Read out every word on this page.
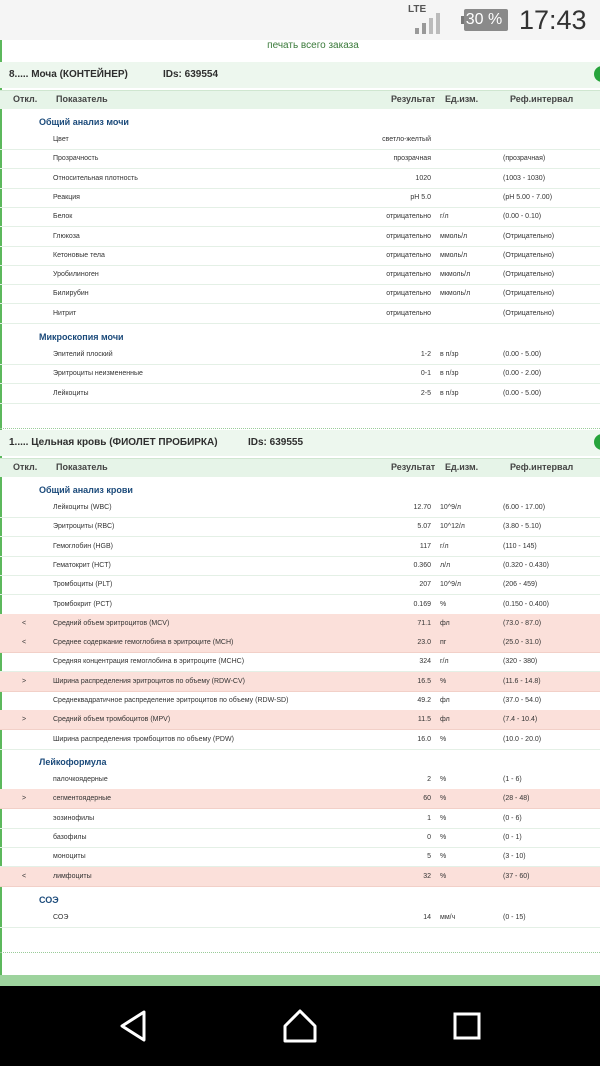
LTE
30 % 17:43
печать всего заказа
8..... Моча (КОНТЕЙНЕР)	IDs: 639554
Откл. Показатель	Результат Ед.изм.	Реф.интервал
Общий анализ мочи
Цвет	светло-желтый
Прозрачность	прозрачная	(прозрачная)
Относительная плотность	1020	(1003 - 1030)
Реакция	pH 5.0	(pH 5.00 - 7.00)
Белок	отрицательно г/л	(0.00 - 0.10)
Глюкоза	отрицательно ммоль/л	(Отрицательно)
Кетоновые тела	отрицательно ммоль/л	(Отрицательно)
Уробилиноген	отрицательно мкмоль/л	(Отрицательно)
Билирубин	отрицательно мкмоль/л	(Отрицательно)
Нитрит	отрицательно	(Отрицательно)
Микроскопия мочи
Эпителий плоский	1-2 в п/зр	(0.00 - 5.00)
Эритроциты неизмененные	0-1 в п/зр	(0.00 - 2.00)
Лейкоциты	2-5 в п/зр	(0.00 - 5.00)
1..... Цельная кровь (ФИОЛЕТ ПРОБИРКА)	IDs: 639555
Откл. Показатель	Результат Ед.изм.	Реф.интервал
Общий анализ крови
Лейкоциты (WBC)	12.70 10^9/л	(6.00 - 17.00)
Эритроциты (RBC)	5.07 10^12/л	(3.80 - 5.10)
Гемоглобин (HGB)	117 г/л	(110 - 145)
Гематокрит (HCT)	0.360 л/л	(0.320 - 0.430)
Тромбоциты (PLT)	207 10^9/л	(206 - 459)
Тромбокрит (PCT)	0.169 %	(0.150 - 0.400)
<	Средний объем эритроцитов (MCV)	71.1 фл	(73.0 - 87.0)
<	Среднее содержание гемоглобина в эритроците (MCH)	23.0 пг	(25.0 - 31.0)
Средняя концентрация гемоглобина в эритроците (MCHC)	324 г/л	(320 - 380)
>	Ширина распределения эритроцитов по объему (RDW-CV)	16.5 %	(11.6 - 14.8)
Среднеквадратичное распределение эритроцитов по объему (RDW-SD)	49.2 фл	(37.0 - 54.0)
>	Средний объем тромбоцитов (MPV)	11.5 фл	(7.4 - 10.4)
Ширина распределения тромбоцитов по объему (PDW)	16.0 %	(10.0 - 20.0)
Лейкоформула
палочкоядерные	2 %	(1 - 6)
>	сегментоядерные	60 %	(28 - 48)
эозинофилы	1 %	(0 - 6)
базофилы	0 %	(0 - 1)
моноциты	5 %	(3 - 10)
<	лимфоциты	32 %	(37 - 60)
СОЭ
СОЭ	14 мм/ч	(0 - 15)
